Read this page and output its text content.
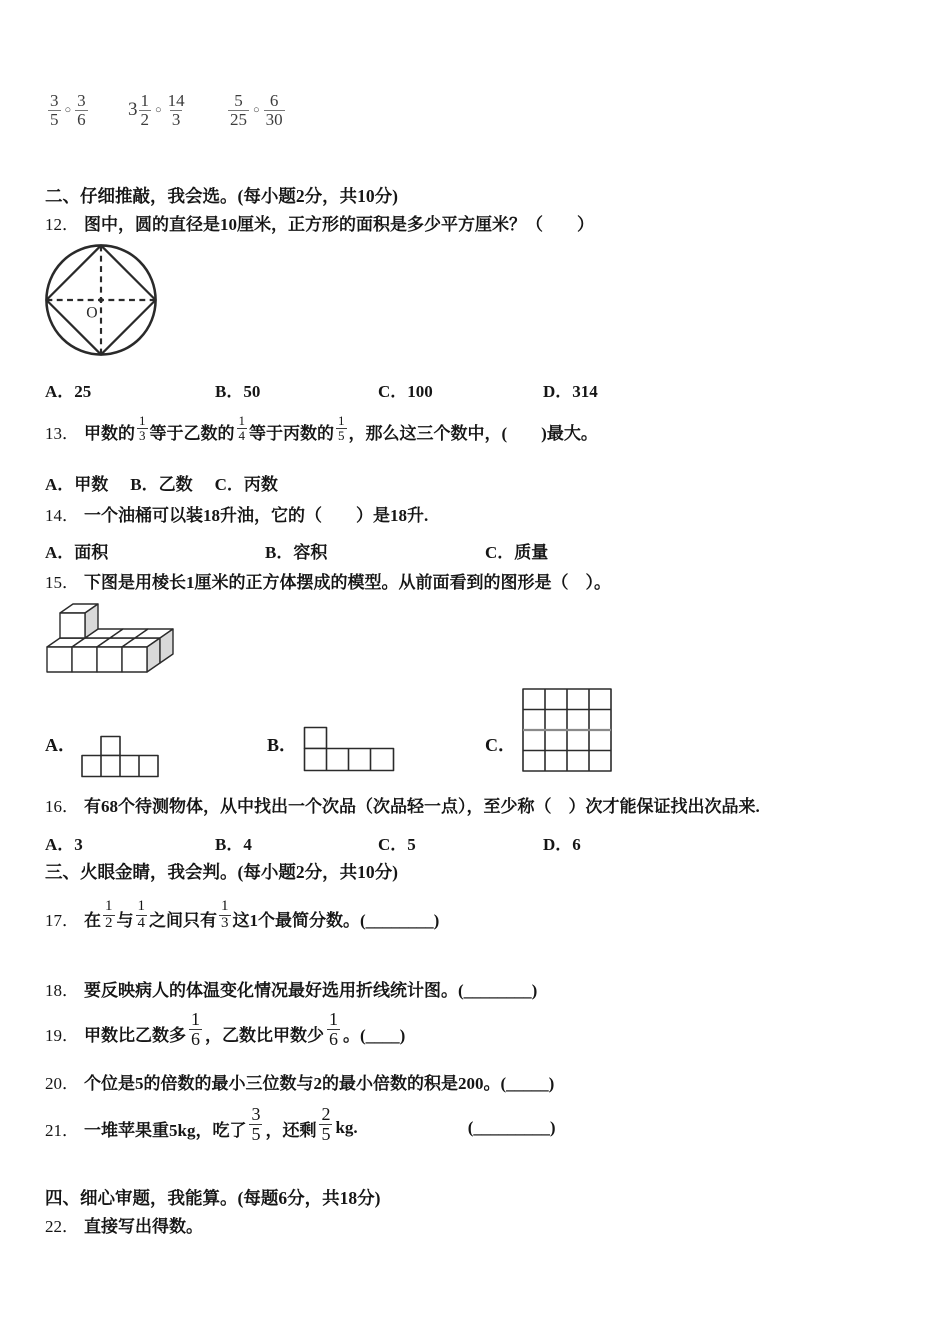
$\frac{3}{5}$ ○ $\frac{3}{6} 3 \frac{1}{2}$ ○ $\frac{14}{3} \frac{5}{25}$ ○ $\frac{6}{30}$
二、仔细推敲，我会选。(每小题2分，共10分)
12． 图中，圆的直径是10厘米，正方形的面积是多少平方厘米？（　　）
O
A．25	B．50	C．100	D．314
13． 甲数的 $\frac{1}{3}$ 等于乙数的 $\frac{1}{4}$ 等于丙数的 $\frac{1}{5}$ ，那么这三个数中，(　　)最大。
A．甲数 B．乙数 C．丙数
14． 一个油桶可以装18升油，它的（　　）是18升.
A．面积	B．容积	C．质量
15． 下图是用棱长1厘米的正方体摆成的模型。从前面看到的图形是（　）。
A．	B．	C．
16． 有68个待测物体，从中找出一个次品（次品轻一点），至少称（　）次才能保证找出次品来.
A．3	B．4	C．5	D．6
三、火眼金睛，我会判。(每小题2分，共10分)
17． 在 $\frac{1}{2}$ 与 $\frac{1}{4}$ 之间只有 $\frac{1}{3}$ 这1个最简分数。(________)
18． 要反映病人的体温变化情况最好选用折线统计图。(________)
19． 甲数比乙数多 $\frac{1}{6}$ ，乙数比甲数少 $\frac{1}{6}$ 。(____)
20． 个位是5的倍数的最小三位数与2的最小倍数的积是200。(_____)
21． 一堆苹果重5kg，吃了 $\frac{3}{5}$ ，还剩 $\frac{2}{5}$ kg.	(_________)
四、细心审题，我能算。(每题6分，共18分)
22． 直接写出得数。
